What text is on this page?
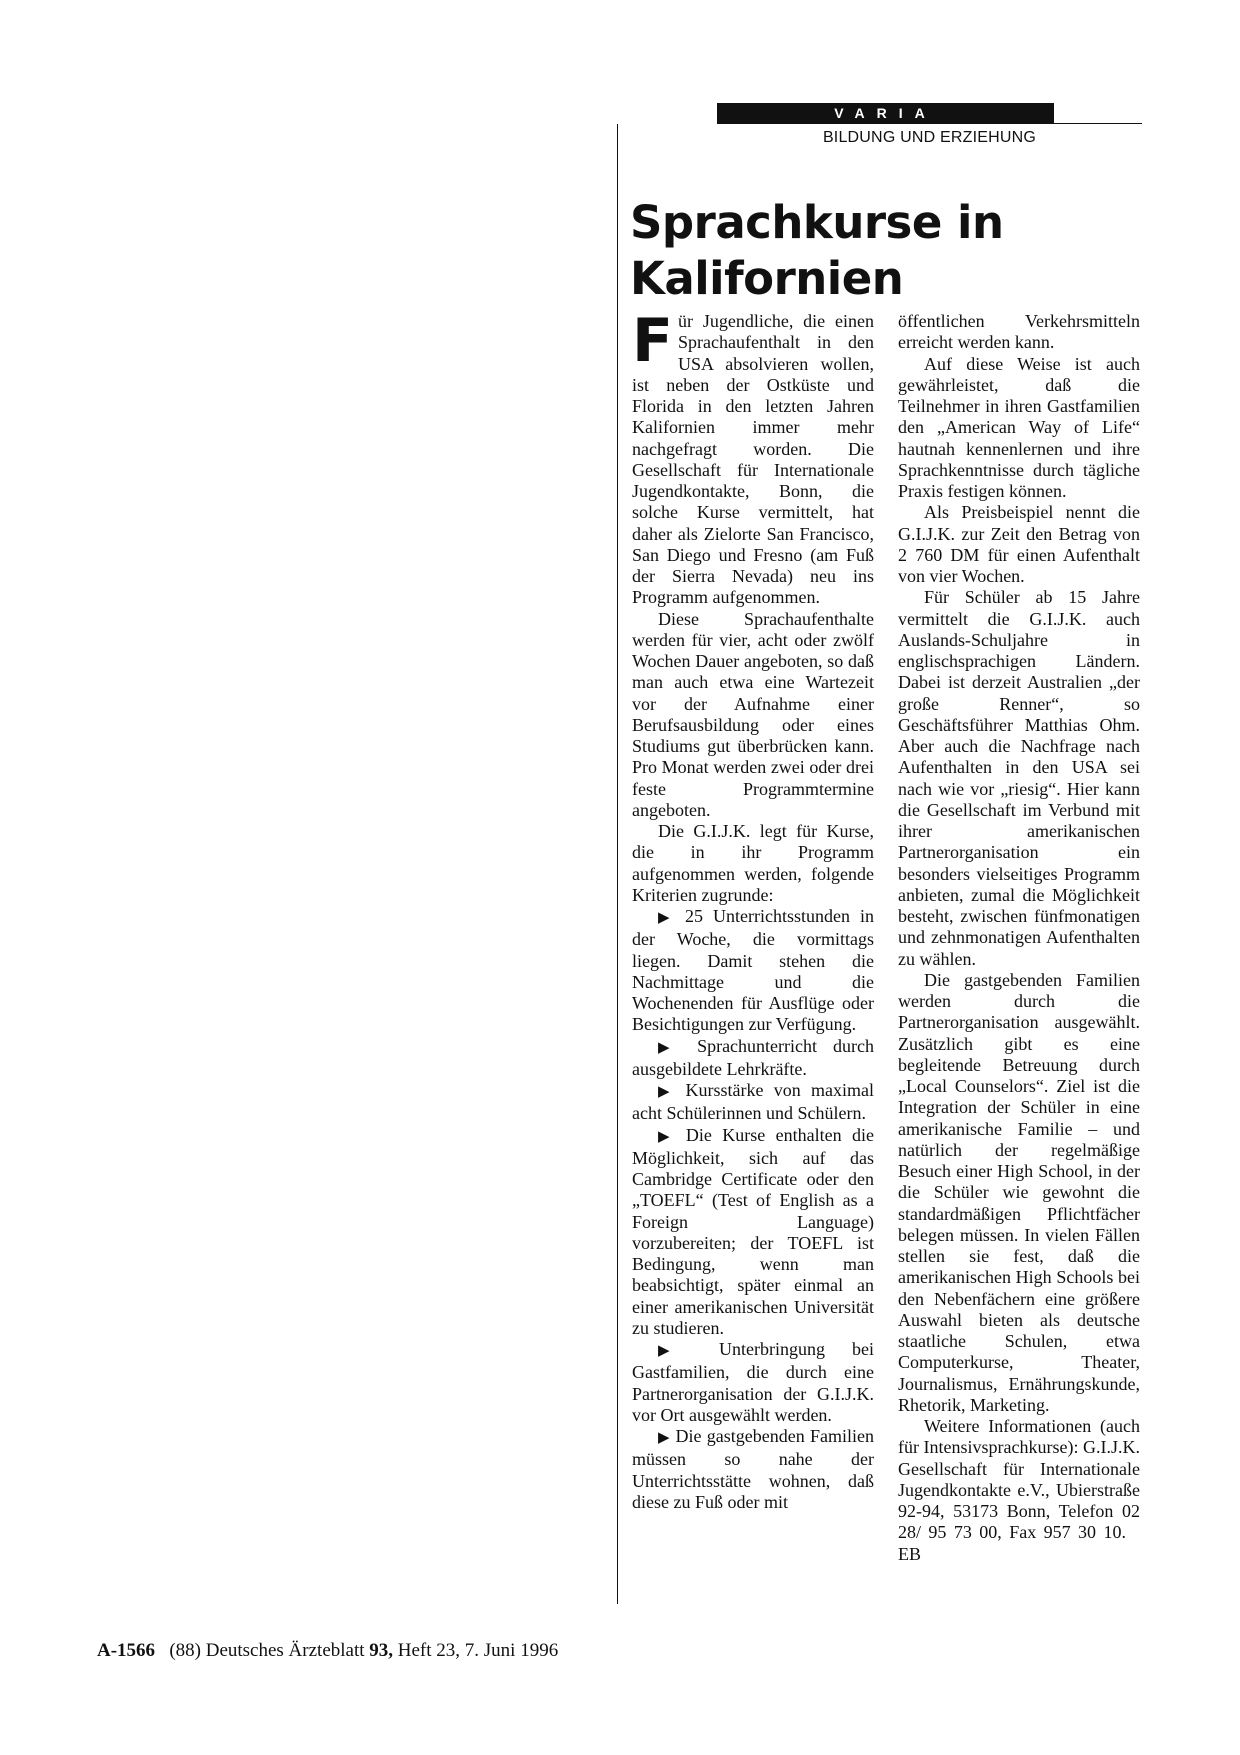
VARIA
BILDUNG UND ERZIEHUNG
Sprachkurse in
Kalifornien

Für Jugendliche, die einen Sprachaufenthalt in den USA absolvieren wollen, ist neben der Ostküste und Florida in den letzten Jahren Kalifornien immer mehr nachgefragt worden. Die Gesellschaft für Internationale Jugendkontakte, Bonn, die solche Kurse vermittelt, hat daher als Zielorte San Francisco, San Diego und Fresno (am Fuß der Sierra Nevada) neu ins Programm aufgenommen.

Diese Sprachaufenthalte werden für vier, acht oder zwölf Wochen Dauer angeboten, so daß man auch etwa eine Wartezeit vor der Aufnahme einer Berufsausbildung oder eines Studiums gut überbrücken kann. Pro Monat werden zwei oder drei feste Programmtermine angeboten.

Die G.I.J.K. legt für Kurse, die in ihr Programm aufgenommen werden, folgende Kriterien zugrunde:

▶ 25 Unterrichtsstunden in der Woche, die vormittags liegen. Damit stehen die Nachmittage und die Wochenenden für Ausflüge oder Besichtigungen zur Verfügung.

▶ Sprachunterricht durch ausgebildete Lehrkräfte.

▶ Kursstärke von maximal acht Schülerinnen und Schülern.

▶ Die Kurse enthalten die Möglichkeit, sich auf das Cambridge Certificate oder den „TOEFL“ (Test of English as a Foreign Language) vorzubereiten; der TOEFL ist Bedingung, wenn man beabsichtigt, später einmal an einer amerikanischen Universität zu studieren.

▶ Unterbringung bei Gastfamilien, die durch eine Partnerorganisation der G.I.J.K. vor Ort ausgewählt werden.

▶ Die gastgebenden Familien müssen so nahe der Unterrichtsstätte wohnen, daß diese zu Fuß oder mit

öffentlichen Verkehrsmitteln erreicht werden kann.

Auf diese Weise ist auch gewährleistet, daß die Teilnehmer in ihren Gastfamilien den „American Way of Life“ hautnah kennenlernen und ihre Sprachkenntnisse durch tägliche Praxis festigen können.

Als Preisbeispiel nennt die G.I.J.K. zur Zeit den Betrag von 2 760 DM für einen Aufenthalt von vier Wochen.

Für Schüler ab 15 Jahre vermittelt die G.I.J.K. auch Auslands-Schuljahre in englischsprachigen Ländern. Dabei ist derzeit Australien „der große Renner“, so Geschäftsführer Matthias Ohm. Aber auch die Nachfrage nach Aufenthalten in den USA sei nach wie vor „riesig“. Hier kann die Gesellschaft im Verbund mit ihrer amerikanischen Partnerorganisation ein besonders vielseitiges Programm anbieten, zumal die Möglichkeit besteht, zwischen fünfmonatigen und zehnmonatigen Aufenthalten zu wählen.

Die gastgebenden Familien werden durch die Partnerorganisation ausgewählt. Zusätzlich gibt es eine begleitende Betreuung durch „Local Counselors“. Ziel ist die Integration der Schüler in eine amerikanische Familie – und natürlich der regelmäßige Besuch einer High School, in der die Schüler wie gewohnt die standardmäßigen Pflichtfächer belegen müssen. In vielen Fällen stellen sie fest, daß die amerikanischen High Schools bei den Nebenfächern eine größere Auswahl bieten als deutsche staatliche Schulen, etwa Computerkurse, Theater, Journalismus, Ernährungskunde, Rhetorik, Marketing.

Weitere Informationen (auch für Intensivsprachkurse): G.I.J.K. Gesellschaft für Internationale Jugendkontakte e.V., Ubierstraße 92-94, 53173 Bonn, Telefon 02 28/ 95 73 00, Fax 957 30 10.EB

A-1566 (88) Deutsches Ärzteblatt 93, Heft 23, 7. Juni 1996
